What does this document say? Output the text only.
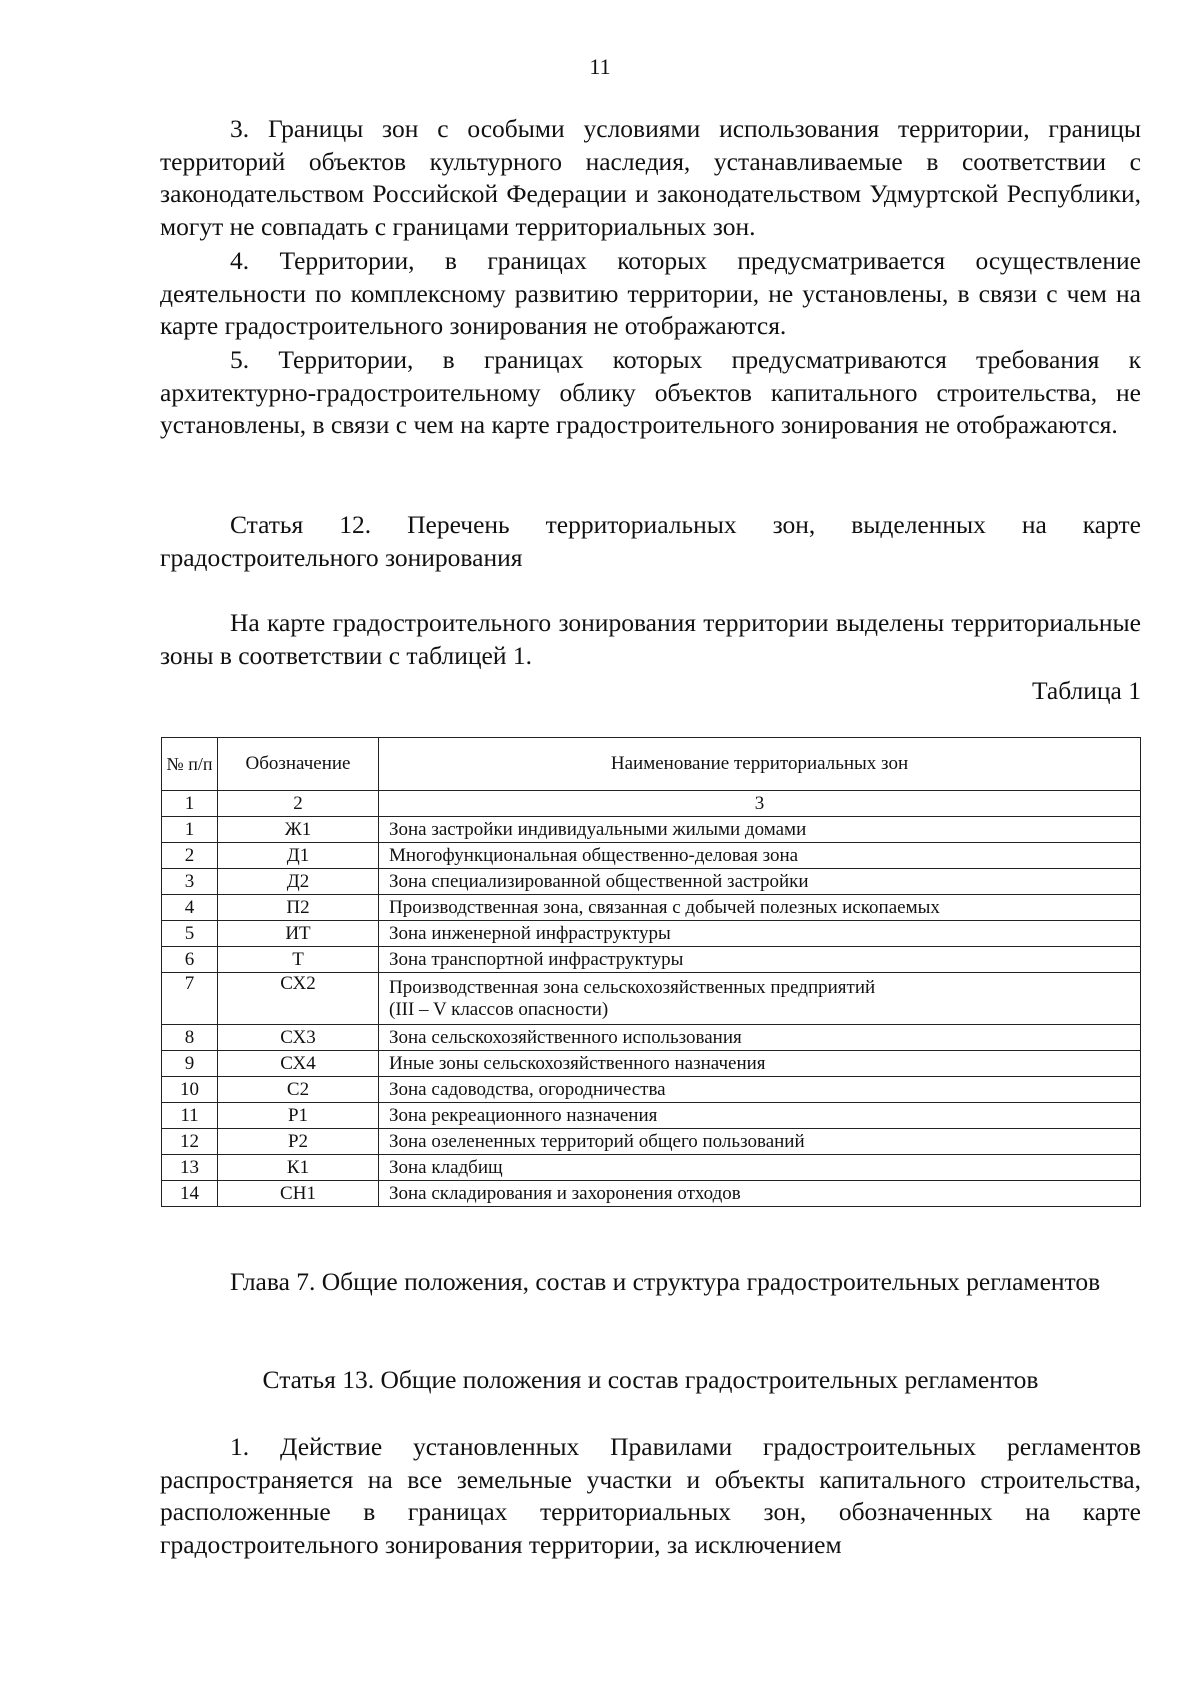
11
3. Границы зон с особыми условиями использования территории, границы территорий объектов культурного наследия, устанавливаемые в соответствии с законодательством Российской Федерации и законодательством Удмуртской Республики, могут не совпадать с границами территориальных зон.
4. Территории, в границах которых предусматривается осуществление деятельности по комплексному развитию территории, не установлены, в связи с чем на карте градостроительного зонирования не отображаются.
5. Территории, в границах которых предусматриваются требования к архитектурно-градостроительному облику объектов капитального строительства, не установлены, в связи с чем на карте градостроительного зонирования не отображаются.
Статья 12. Перечень территориальных зон, выделенных на карте градостроительного зонирования
На карте градостроительного зонирования территории выделены территориальные зоны в соответствии с таблицей 1.
Таблица 1
№ п/п	Обозначение	Наименование территориальных зон
1	2	3
1	Ж1	Зона застройки индивидуальными жилыми домами
2	Д1	Многофункциональная общественно-деловая зона
3	Д2	Зона специализированной общественной застройки
4	П2	Производственная зона, связанная с добычей полезных ископаемых
5	ИТ	Зона инженерной инфраструктуры
6	Т	Зона транспортной инфраструктуры
7	СХ2	Производственная зона сельскохозяйственных предприятий
(III – V классов опасности)

8	СХ3	Зона сельскохозяйственного использования
9	СХ4	Иные зоны сельскохозяйственного назначения
10	С2	Зона садоводства, огородничества
11	Р1	Зона рекреационного назначения
12	Р2	Зона озелененных территорий общего пользований
13	К1	Зона кладбищ
14	СН1	Зона складирования и захоронения отходов
Глава 7. Общие положения, состав и структура градостроительных регламентов
Статья 13. Общие положения и состав градостроительных регламентов
1. Действие установленных Правилами градостроительных регламентов распространяется на все земельные участки и объекты капитального строительства, расположенные в границах территориальных зон, обозначенных на карте градостроительного зонирования территории, за исключением
